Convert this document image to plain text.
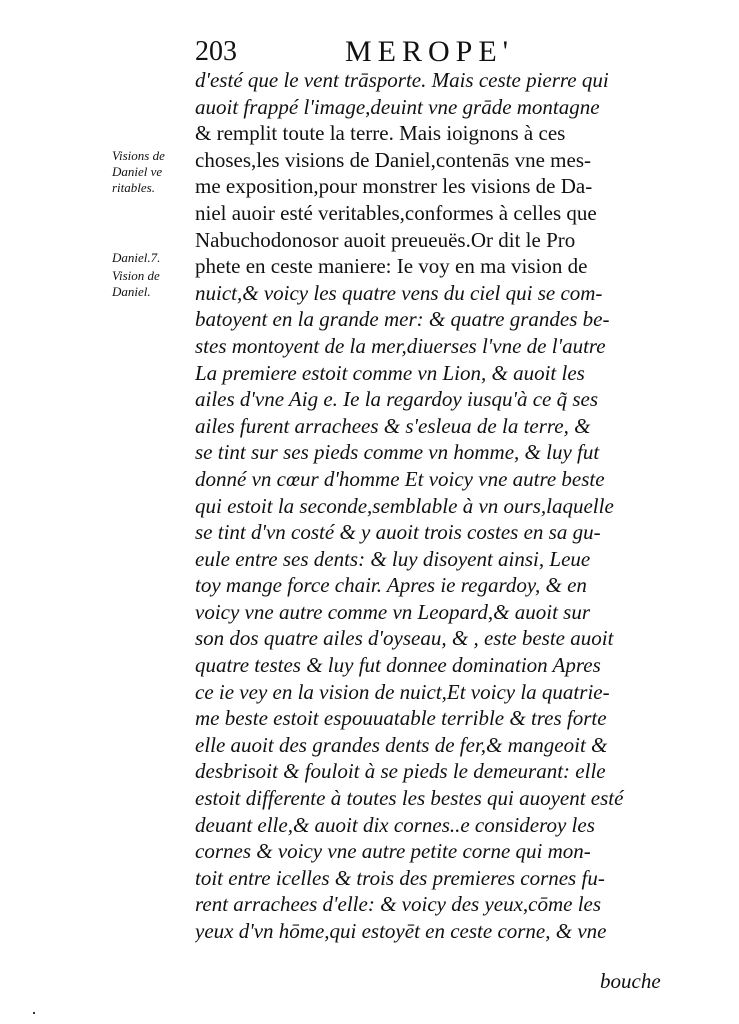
203	MEROPE'

Visions de Daniel ve ritables.

Daniel.7.

Vision de Daniel.

d'esté que le vent trāsporte. Mais ceste pierre qui
auoit frappé l'image,deuint vne grāde montagne
& remplit toute la terre. Mais ioignons à ces
choses,les visions de Daniel,contenās vne mes-
me exposition,pour monstrer les visions de Da-
niel auoir esté veritables,conformes à celles que
Nabuchodonosor auoit preueuës.Or dit le Pro
phete en ceste maniere: Ie voy en ma vision de
nuict,& voicy les quatre vens du ciel qui se com-
batoyent en la grande mer: & quatre grandes be-
stes montoyent de la mer,diuerses l'vne de l'autre
La premiere estoit comme vn Lion, & auoit les
ailes d'vne Aig e. Ie la regardoy iusqu'à ce q̃ ses
ailes furent arrachees & s'esleua de la terre, &
se tint sur ses pieds comme vn homme, & luy fut
donné vn cœur d'homme Et voicy vne autre beste
qui estoit la seconde,semblable à vn ours,laquelle
se tint d'vn costé & y auoit trois costes en sa gu-
eule entre ses dents: & luy disoyent ainsi, Leue
toy mange force chair. Apres ie regardoy, & en
voicy vne autre comme vn Leopard,& auoit sur
son dos quatre ailes d'oyseau, & , este beste auoit
quatre testes & luy fut donnee domination Apres
ce ie vey en la vision de nuict,Et voicy la quatrie-
me beste estoit espouuatable terrible & tres forte
elle auoit des grandes dents de fer,& mangeoit &
desbrisoit & fouloit à se pieds le demeurant: elle
estoit differente à toutes les bestes qui auoyent esté
deuant elle,& auoit dix cornes..e consideroy les
cornes & voicy vne autre petite corne qui mon-
toit entre icelles & trois des premieres cornes fu-
rent arrachees d'elle: & voicy des yeux,cōme les
yeux d'vn hōme,qui estoyēt en ceste corne, & vne
bouche
